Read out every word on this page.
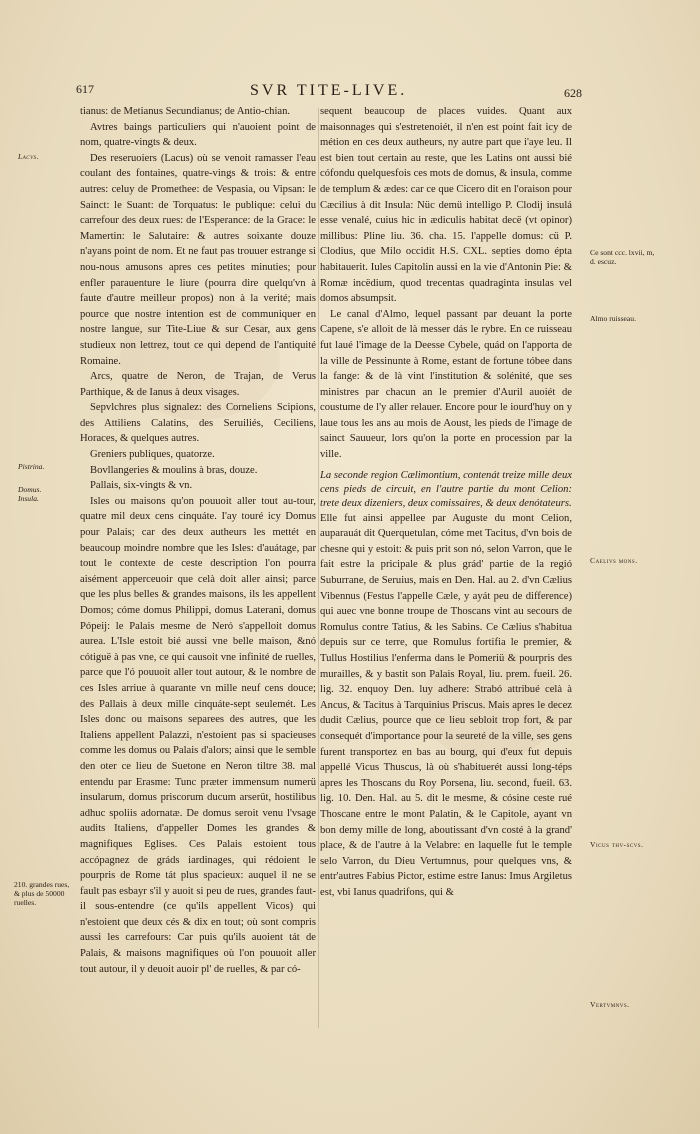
617	SVR TITE-LIVE.	628
Lacvs.
Pistrina.
Domus. Insula.
210. grandes rues, & plus de 50000 ruelles.
Ce sont ccc. lxvii, m, d. escuz.
Almo ruisseau.
Caelivs mons.
Vicus thv-scvs.
Vertvmnvs.

tianus: de Metianus Secundianus; de Antio-chian.

Avtres baings particuliers qui n'auoient point de nom, quatre-vingts & deux.

Des reseruoiers (Lacus) où se venoit ramasser l'eau coulant des fontaines, quatre-vings & trois: & entre autres: celuy de Promethee: de Vespasia, ou Vipsan: le Sainct: le Suant: de Torquatus: le publique: celui du carrefour des deux rues: de l'Esperance: de la Grace: le Mamertin: le Salutaire: & autres soixante douze n'ayans point de nom. Et ne faut pas trouuer estrange si nou-nous amusons apres ces petites minuties; pour enfler parauenture le liure (pourra dire quelqu'vn à faute d'autre meilleur propos) non à la verité; mais pource que nostre intention est de communiquer en nostre langue, sur Tite-Liue & sur Cesar, aux gens studieux non lettrez, tout ce qui depend de l'antiquité Romaine.

Arcs, quatre de Neron, de Trajan, de Verus Parthique, & de Ianus à deux visages.

Sepvlchres plus signalez: des Corneliens Scipions, des Attiliens Calatins, des Seruiliés, Ceciliens, Horaces, & quelques autres.

Greniers publiques, quatorze.

Bovllangeries & moulins à bras, douze.

Pallais, six-vingts & vn.

Isles ou maisons qu'on pouuoit aller tout au-tour, quatre mil deux cens cinquáte. I'ay touré icy Domus pour Palais; car des deux autheurs les mettét en beaucoup moindre nombre que les Isles: d'auátage, par tout le contexte de ceste description l'on pourra aisément apperceuoir que celà doit aller ainsi; parce que les plus belles & grandes maisons, ils les appellent Domos; cóme domus Philippi, domus Laterani, domus Pópeij: le Palais mesme de Neró s'appelloit domus aurea. L'Isle estoit bié aussi vne belle maison, &nó cótiguë à pas vne, ce qui causoit vne infinité de ruelles, parce que l'ó pouuoit aller tout autour, & le nombre de ces Isles arriue à quarante vn mille neuf cens douce; des Pallais à deux mille cinquáte-sept seulemét. Les Isles donc ou maisons separees des autres, que les Italiens appellent Palazzi, n'estoient pas si spacieuses comme les domus ou Palais d'alors; ainsi que le semble den oter ce lieu de Suetone en Neron tiltre 38. mal entendu par Erasme: Tunc præter immensum numerü insularum, domus priscorum ducum arserüt, hostilibus adhuc spoliis adornatæ. De domus seroit venu l'vsage audits Italiens, d'appeller Domes les grandes & magnifiques Eglises. Ces Palais estoient tous accópagnez de gráds iardinages, qui rédoient le pourpris de Rome tát plus spacieux: auquel il ne se fault pas esbayr s'il y auoit si peu de rues, grandes faut-il sous-entendre (ce qu'ils appellent Vicos) qui n'estoient que deux cés & dix en tout; où sont compris aussi les carrefours: Car puis qu'ils auoient tát de Palais, & maisons magnifiques où l'on pouuoit aller tout autour, il y deuoit auoir pl' de ruelles, & par có-

sequent beaucoup de places vuides. Quant aux maisonnages qui s'estretenoiét, il n'en est point fait icy de métion en ces deux autheurs, ny autre part que i'aye leu. Il est bien tout certain au reste, que les Latins ont aussi bié cófondu quelquesfois ces mots de domus, & insula, comme de templum & ædes: car ce que Cicero dit en l'oraison pour Cæcilius à dit Insula: Nüc demü intelligo P. Clodij insulá esse venalé, cuius hic in ædiculis habitat decë (vt opinor) millibus: Pline liu. 36. cha. 15. l'appelle domus: cü P. Clodius, que Milo occidit H.S. CXL. septies domo épta habitauerit. Iules Capitolin aussi en la vie d'Antonin Pie: & Romæ incëdium, quod trecentas quadraginta insulas vel domos absumpsit.

Le canal d'Almo, lequel passant par deuant la porte Capene, s'e alloit de là messer dás le rybre. En ce ruisseau fut laué l'image de la Deesse Cybele, quád on l'apporta de la ville de Pessinunte à Rome, estant de fortune tóbee dans la fange: & de là vint l'institution & solénité, que ses ministres par chacun an le premier d'Auril auoiét de coustume de l'y aller relauer. Encore pour le iourd'huy on y laue tous les ans au mois de Aoust, les pieds de l'image de sainct Sauueur, lors qu'on la porte en procession par la ville.

La seconde region Cælimontium, contenát treize mille deux cens pieds de circuit, en l'autre partie du mont Celion: trete deux dizeniers, deux comissaires, & deux denótateurs.

Elle fut ainsi appellee par Auguste du mont Celion, auparauát dit Querquetulan, cóme met Tacitus, d'vn bois de chesne qui y estoit: & puis prit son nó, selon Varron, que le fait estre la pricipale & plus grád' partie de la regió Suburrane, de Seruius, mais en Den. Hal. au 2. d'vn Cælius Vibennus (Festus l'appelle Cæle, y ayát peu de difference) qui auec vne bonne troupe de Thoscans vint au secours de Romulus contre Tatius, & les Sabins. Ce Cælius s'habitua depuis sur ce terre, que Romulus fortifia le premier, & Tullus Hostilius l'enferma dans le Pomeriü & pourpris des murailles, & y bastit son Palais Royal, liu. prem. fueil. 26. lig. 32. enquoy Den. luy adhere: Strabó attribué celà à Ancus, & Tacitus à Tarquinius Priscus. Mais apres le decez dudit Cælius, pource que ce lieu sebloit trop fort, & par consequét d'importance pour la seureté de la ville, ses gens furent transportez en bas au bourg, qui d'eux fut depuis appellé Vicus Thuscus, là où s'habituerét aussi long-téps apres les Thoscans du Roy Porsena, liu. second, fueil. 63. lig. 10. Den. Hal. au 5. dit le mesme, & cósine ceste rué Thoscane entre le mont Palatin, & le Capitole, ayant vn bon demy mille de long, aboutissant d'vn costé à la grand' place, & de l'autre à la Velabre: en laquelle fut le temple selo Varron, du Dieu Vertumnus, pour quelques vns, & entr'autres Fabius Pictor, estime estre Ianus: Imus Argiletus est, vbi Ianus quadrifons, qui &
